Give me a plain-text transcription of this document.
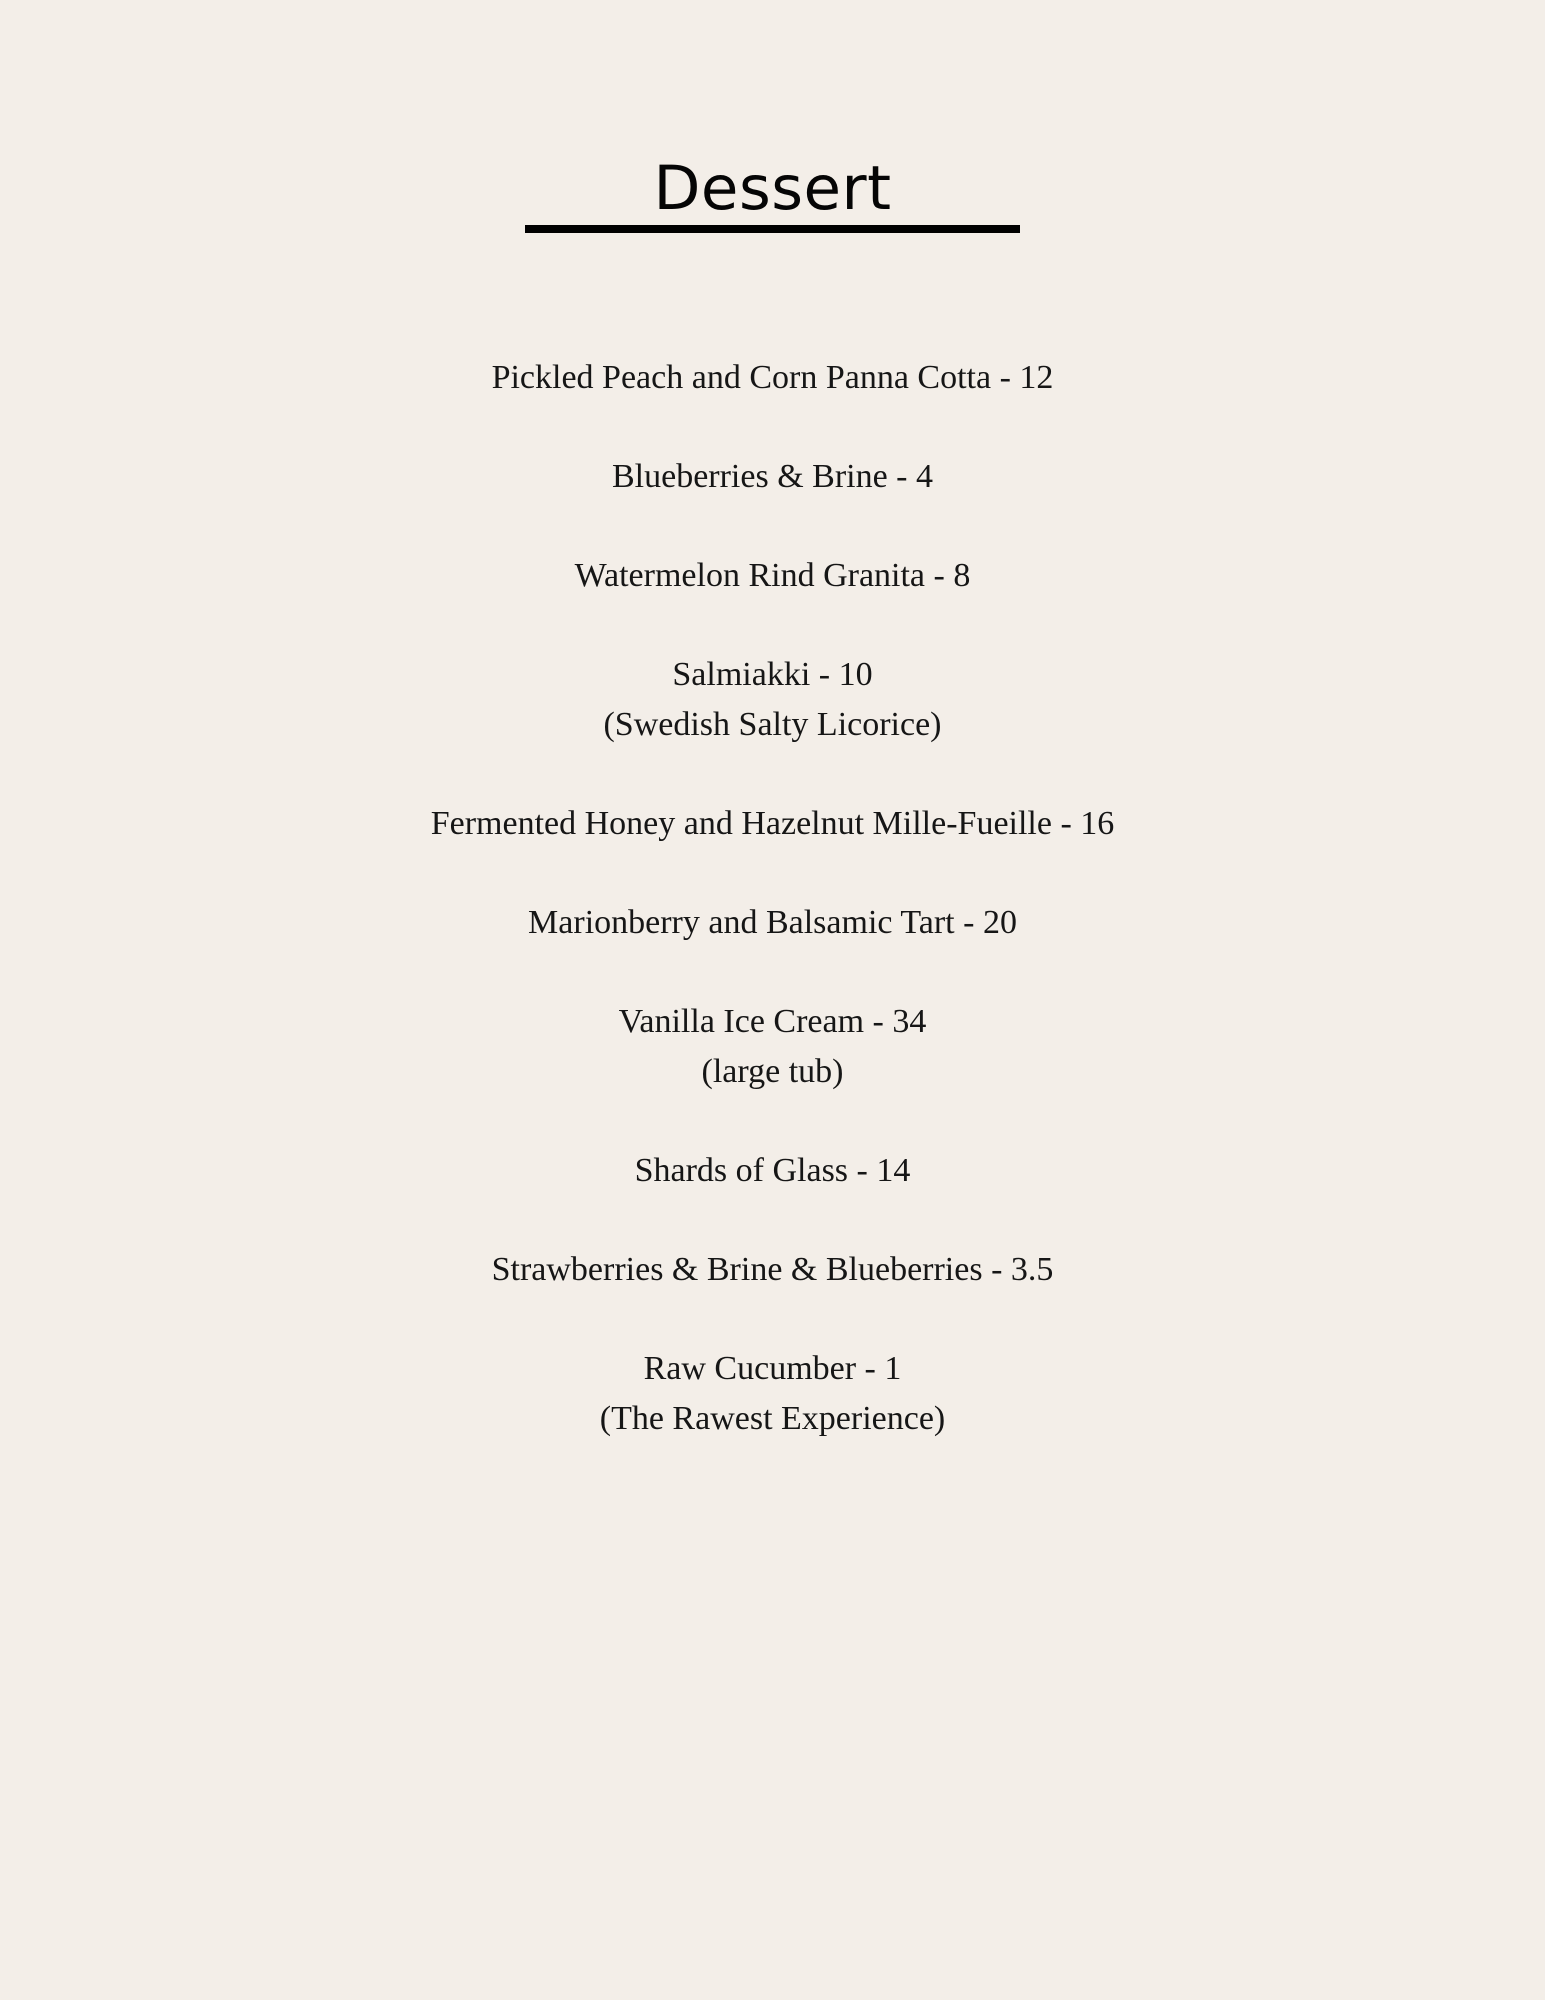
Dessert
Pickled Peach and Corn Panna Cotta - 12
Blueberries & Brine - 4
Watermelon Rind Granita - 8
Salmiakki - 10
(Swedish Salty Licorice)
Fermented Honey and Hazelnut Mille-Fueille - 16
Marionberry and Balsamic Tart - 20
Vanilla Ice Cream - 34
(large tub)
Shards of Glass - 14
Strawberries & Brine & Blueberries - 3.5
Raw Cucumber - 1
(The Rawest Experience)
